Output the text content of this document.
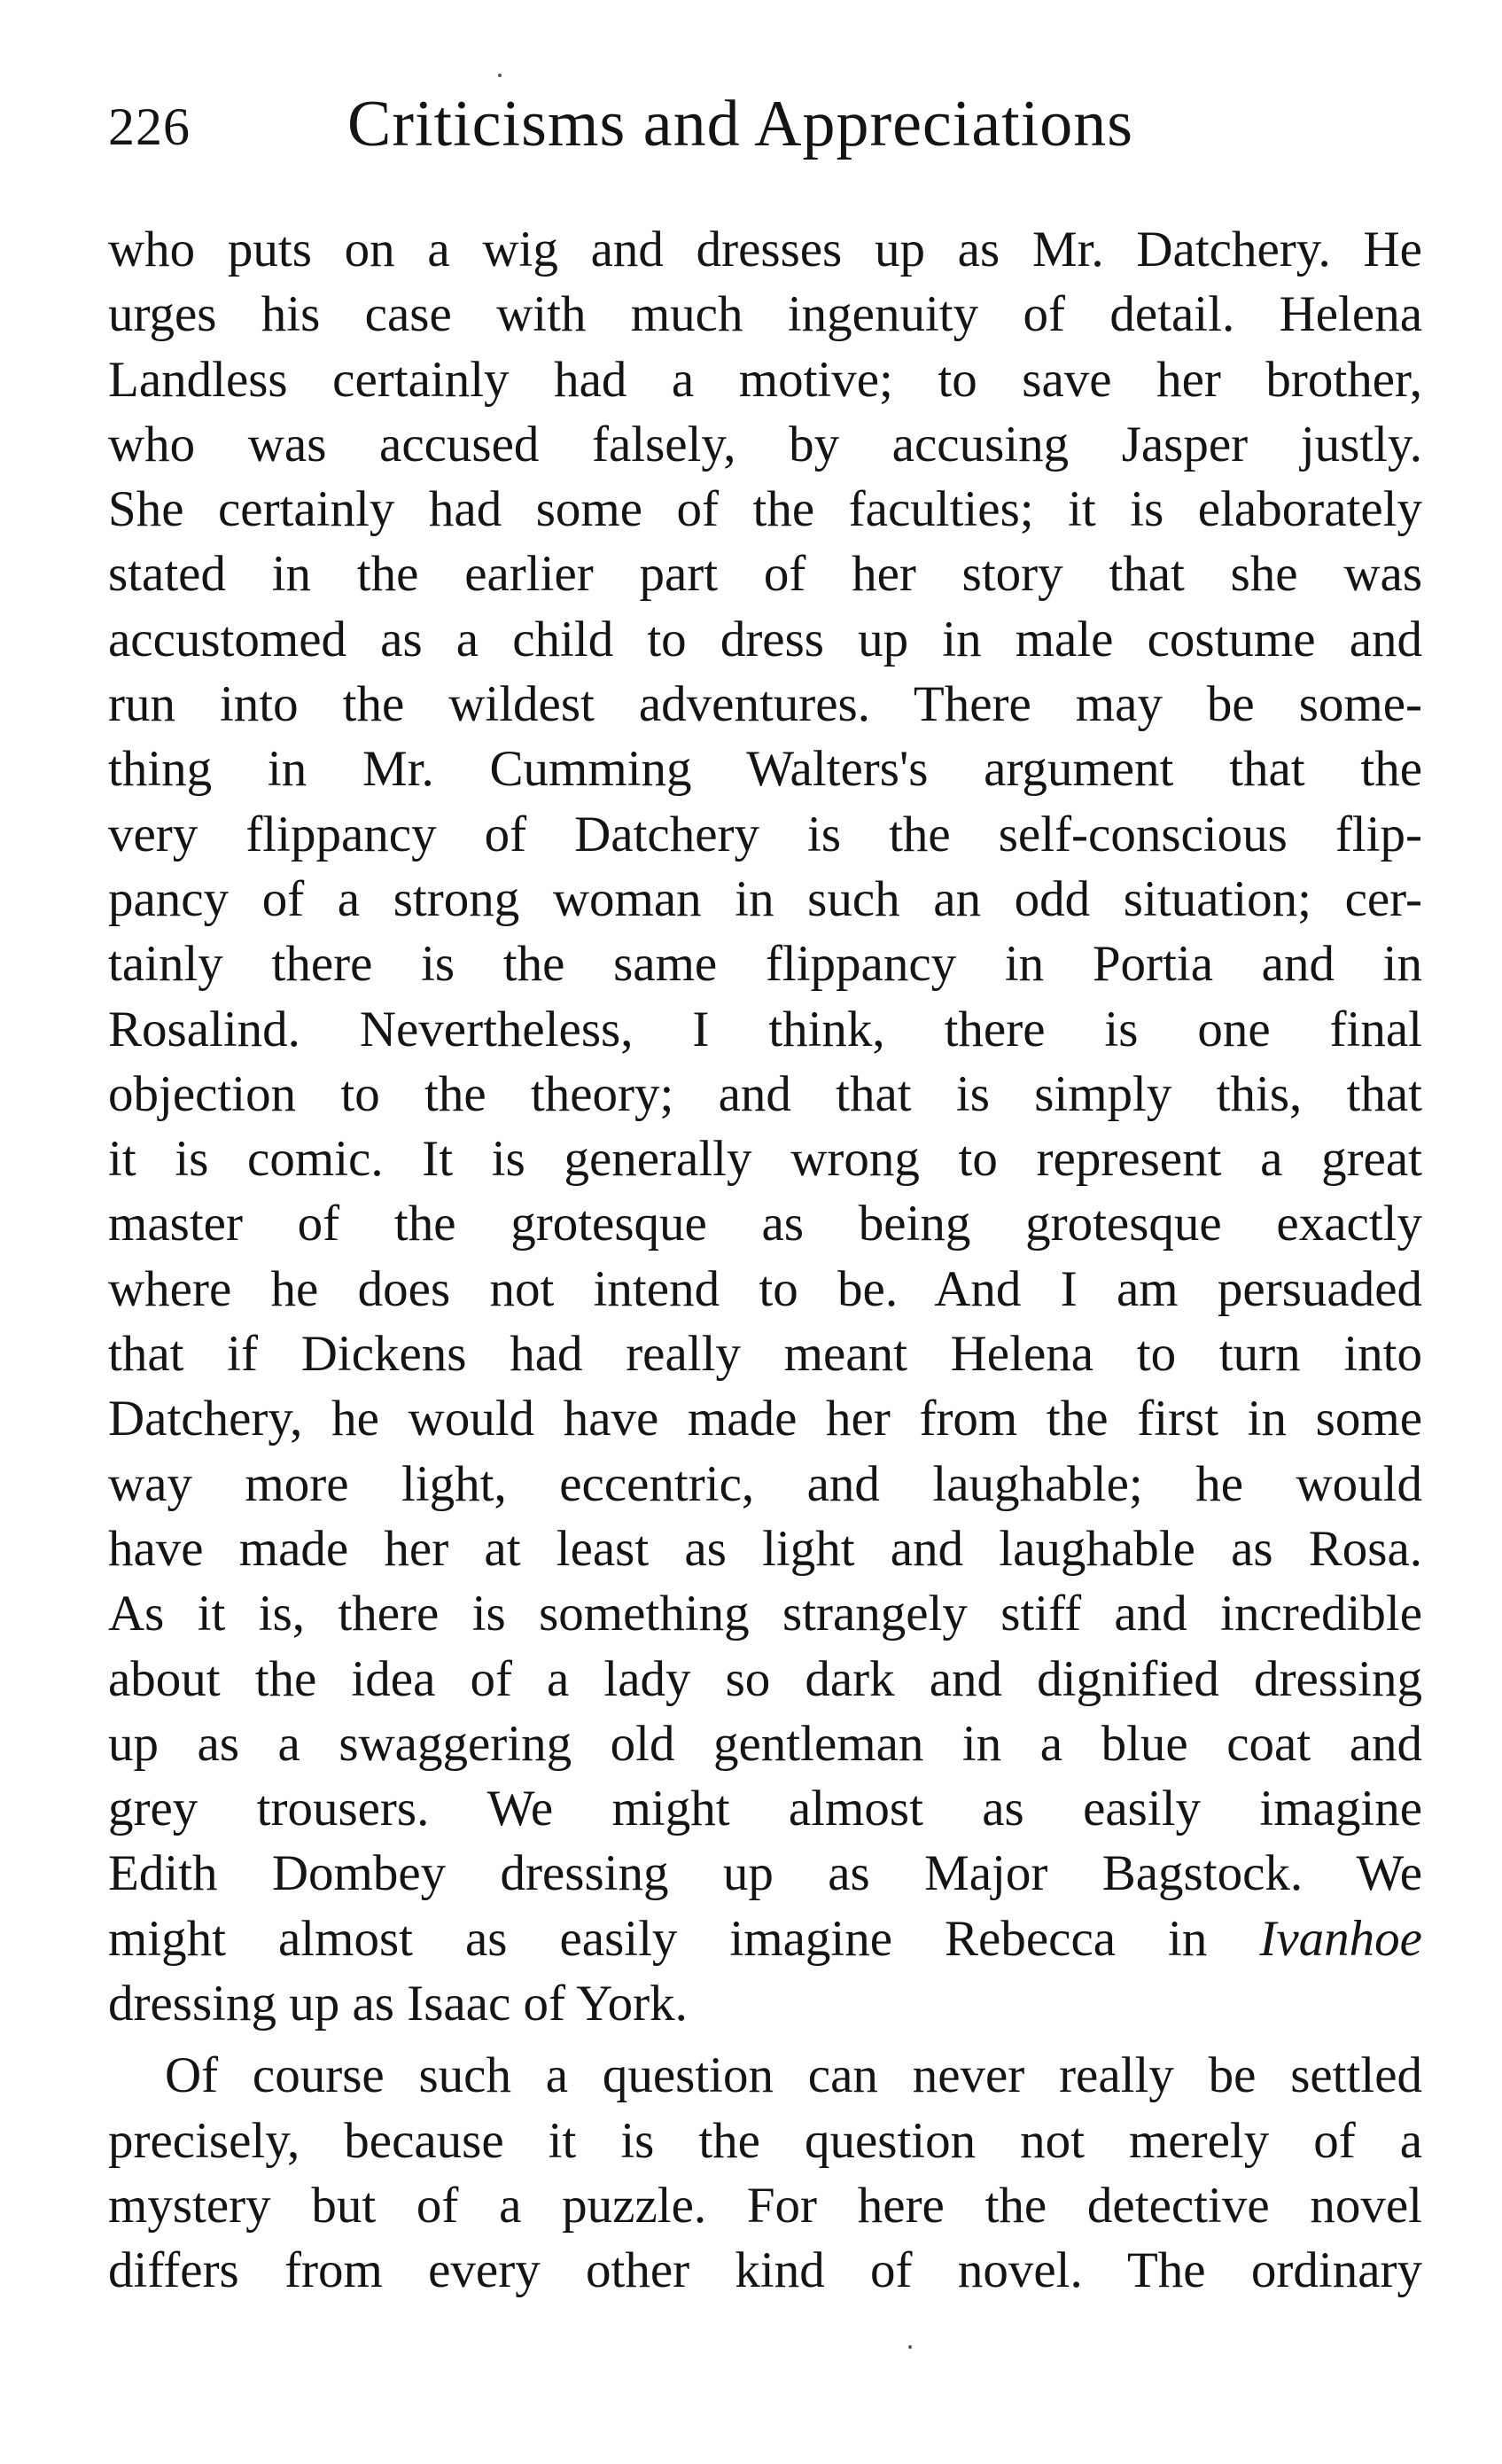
226 Criticisms and Appreciations
who puts on a wig and dresses up as Mr. Datchery. He
urges his case with much ingenuity of detail. Helena
Landless certainly had a motive; to save her brother,
who was accused falsely, by accusing Jasper justly.
She certainly had some of the faculties; it is elaborately
stated in the earlier part of her story that she was
accustomed as a child to dress up in male costume and
run into the wildest adventures. There may be some-
thing in Mr. Cumming Walters's argument that the
very flippancy of Datchery is the self-conscious flip-
pancy of a strong woman in such an odd situation; cer-
tainly there is the same flippancy in Portia and in
Rosalind. Nevertheless, I think, there is one final
objection to the theory; and that is simply this, that
it is comic. It is generally wrong to represent a great
master of the grotesque as being grotesque exactly
where he does not intend to be. And I am persuaded
that if Dickens had really meant Helena to turn into
Datchery, he would have made her from the first in some
way more light, eccentric, and laughable; he would
have made her at least as light and laughable as Rosa.
As it is, there is something strangely stiff and incredible
about the idea of a lady so dark and dignified dressing
up as a swaggering old gentleman in a blue coat and
grey trousers. We might almost as easily imagine
Edith Dombey dressing up as Major Bagstock. We
might almost as easily imagine Rebecca in Ivanhoe
dressing up as Isaac of York.
Of course such a question can never really be settled
precisely, because it is the question not merely of a
mystery but of a puzzle. For here the detective novel
differs from every other kind of novel. The ordinary
